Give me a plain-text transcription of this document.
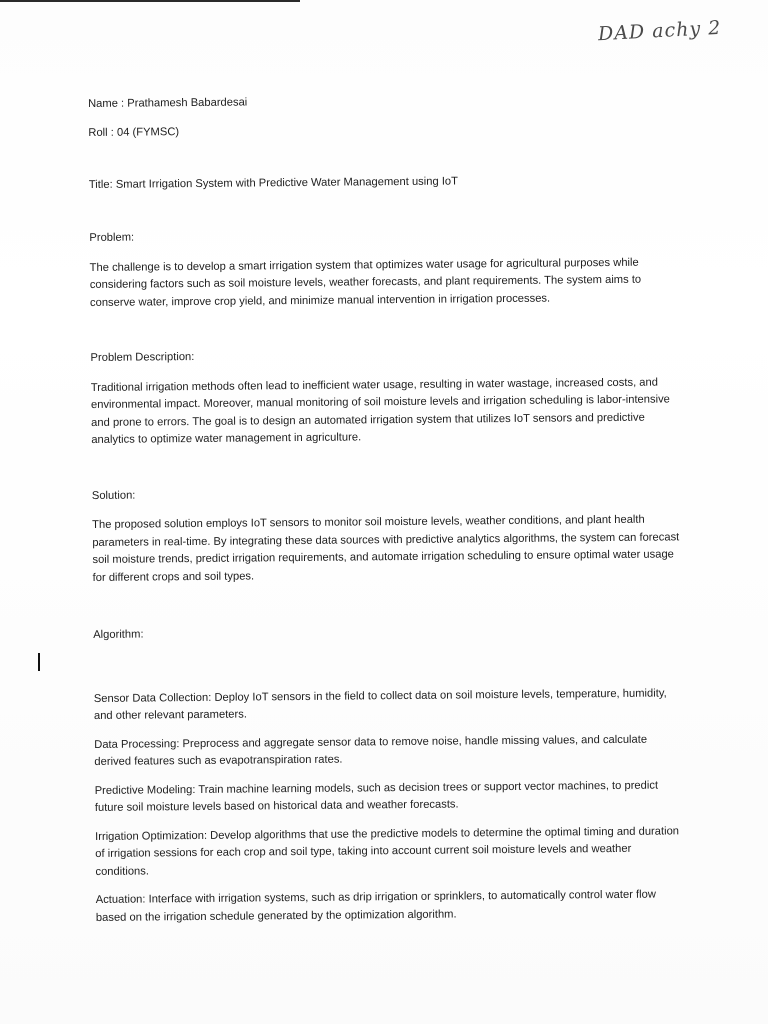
DAD achy 2

Name : Prathamesh Babardesai

Roll : 04 (FYMSC)

Title: Smart Irrigation System with Predictive Water Management using IoT

Problem:

The challenge is to develop a smart irrigation system that optimizes water usage for agricultural purposes while considering factors such as soil moisture levels, weather forecasts, and plant requirements. The system aims to conserve water, improve crop yield, and minimize manual intervention in irrigation processes.

Problem Description:

Traditional irrigation methods often lead to inefficient water usage, resulting in water wastage, increased costs, and environmental impact. Moreover, manual monitoring of soil moisture levels and irrigation scheduling is labor-intensive and prone to errors. The goal is to design an automated irrigation system that utilizes IoT sensors and predictive analytics to optimize water management in agriculture.

Solution:

The proposed solution employs IoT sensors to monitor soil moisture levels, weather conditions, and plant health parameters in real-time. By integrating these data sources with predictive analytics algorithms, the system can forecast soil moisture trends, predict irrigation requirements, and automate irrigation scheduling to ensure optimal water usage for different crops and soil types.

Algorithm:

Sensor Data Collection: Deploy IoT sensors in the field to collect data on soil moisture levels, temperature, humidity, and other relevant parameters.

Data Processing: Preprocess and aggregate sensor data to remove noise, handle missing values, and calculate derived features such as evapotranspiration rates.

Predictive Modeling: Train machine learning models, such as decision trees or support vector machines, to predict future soil moisture levels based on historical data and weather forecasts.

Irrigation Optimization: Develop algorithms that use the predictive models to determine the optimal timing and duration of irrigation sessions for each crop and soil type, taking into account current soil moisture levels and weather conditions.

Actuation: Interface with irrigation systems, such as drip irrigation or sprinklers, to automatically control water flow based on the irrigation schedule generated by the optimization algorithm.
